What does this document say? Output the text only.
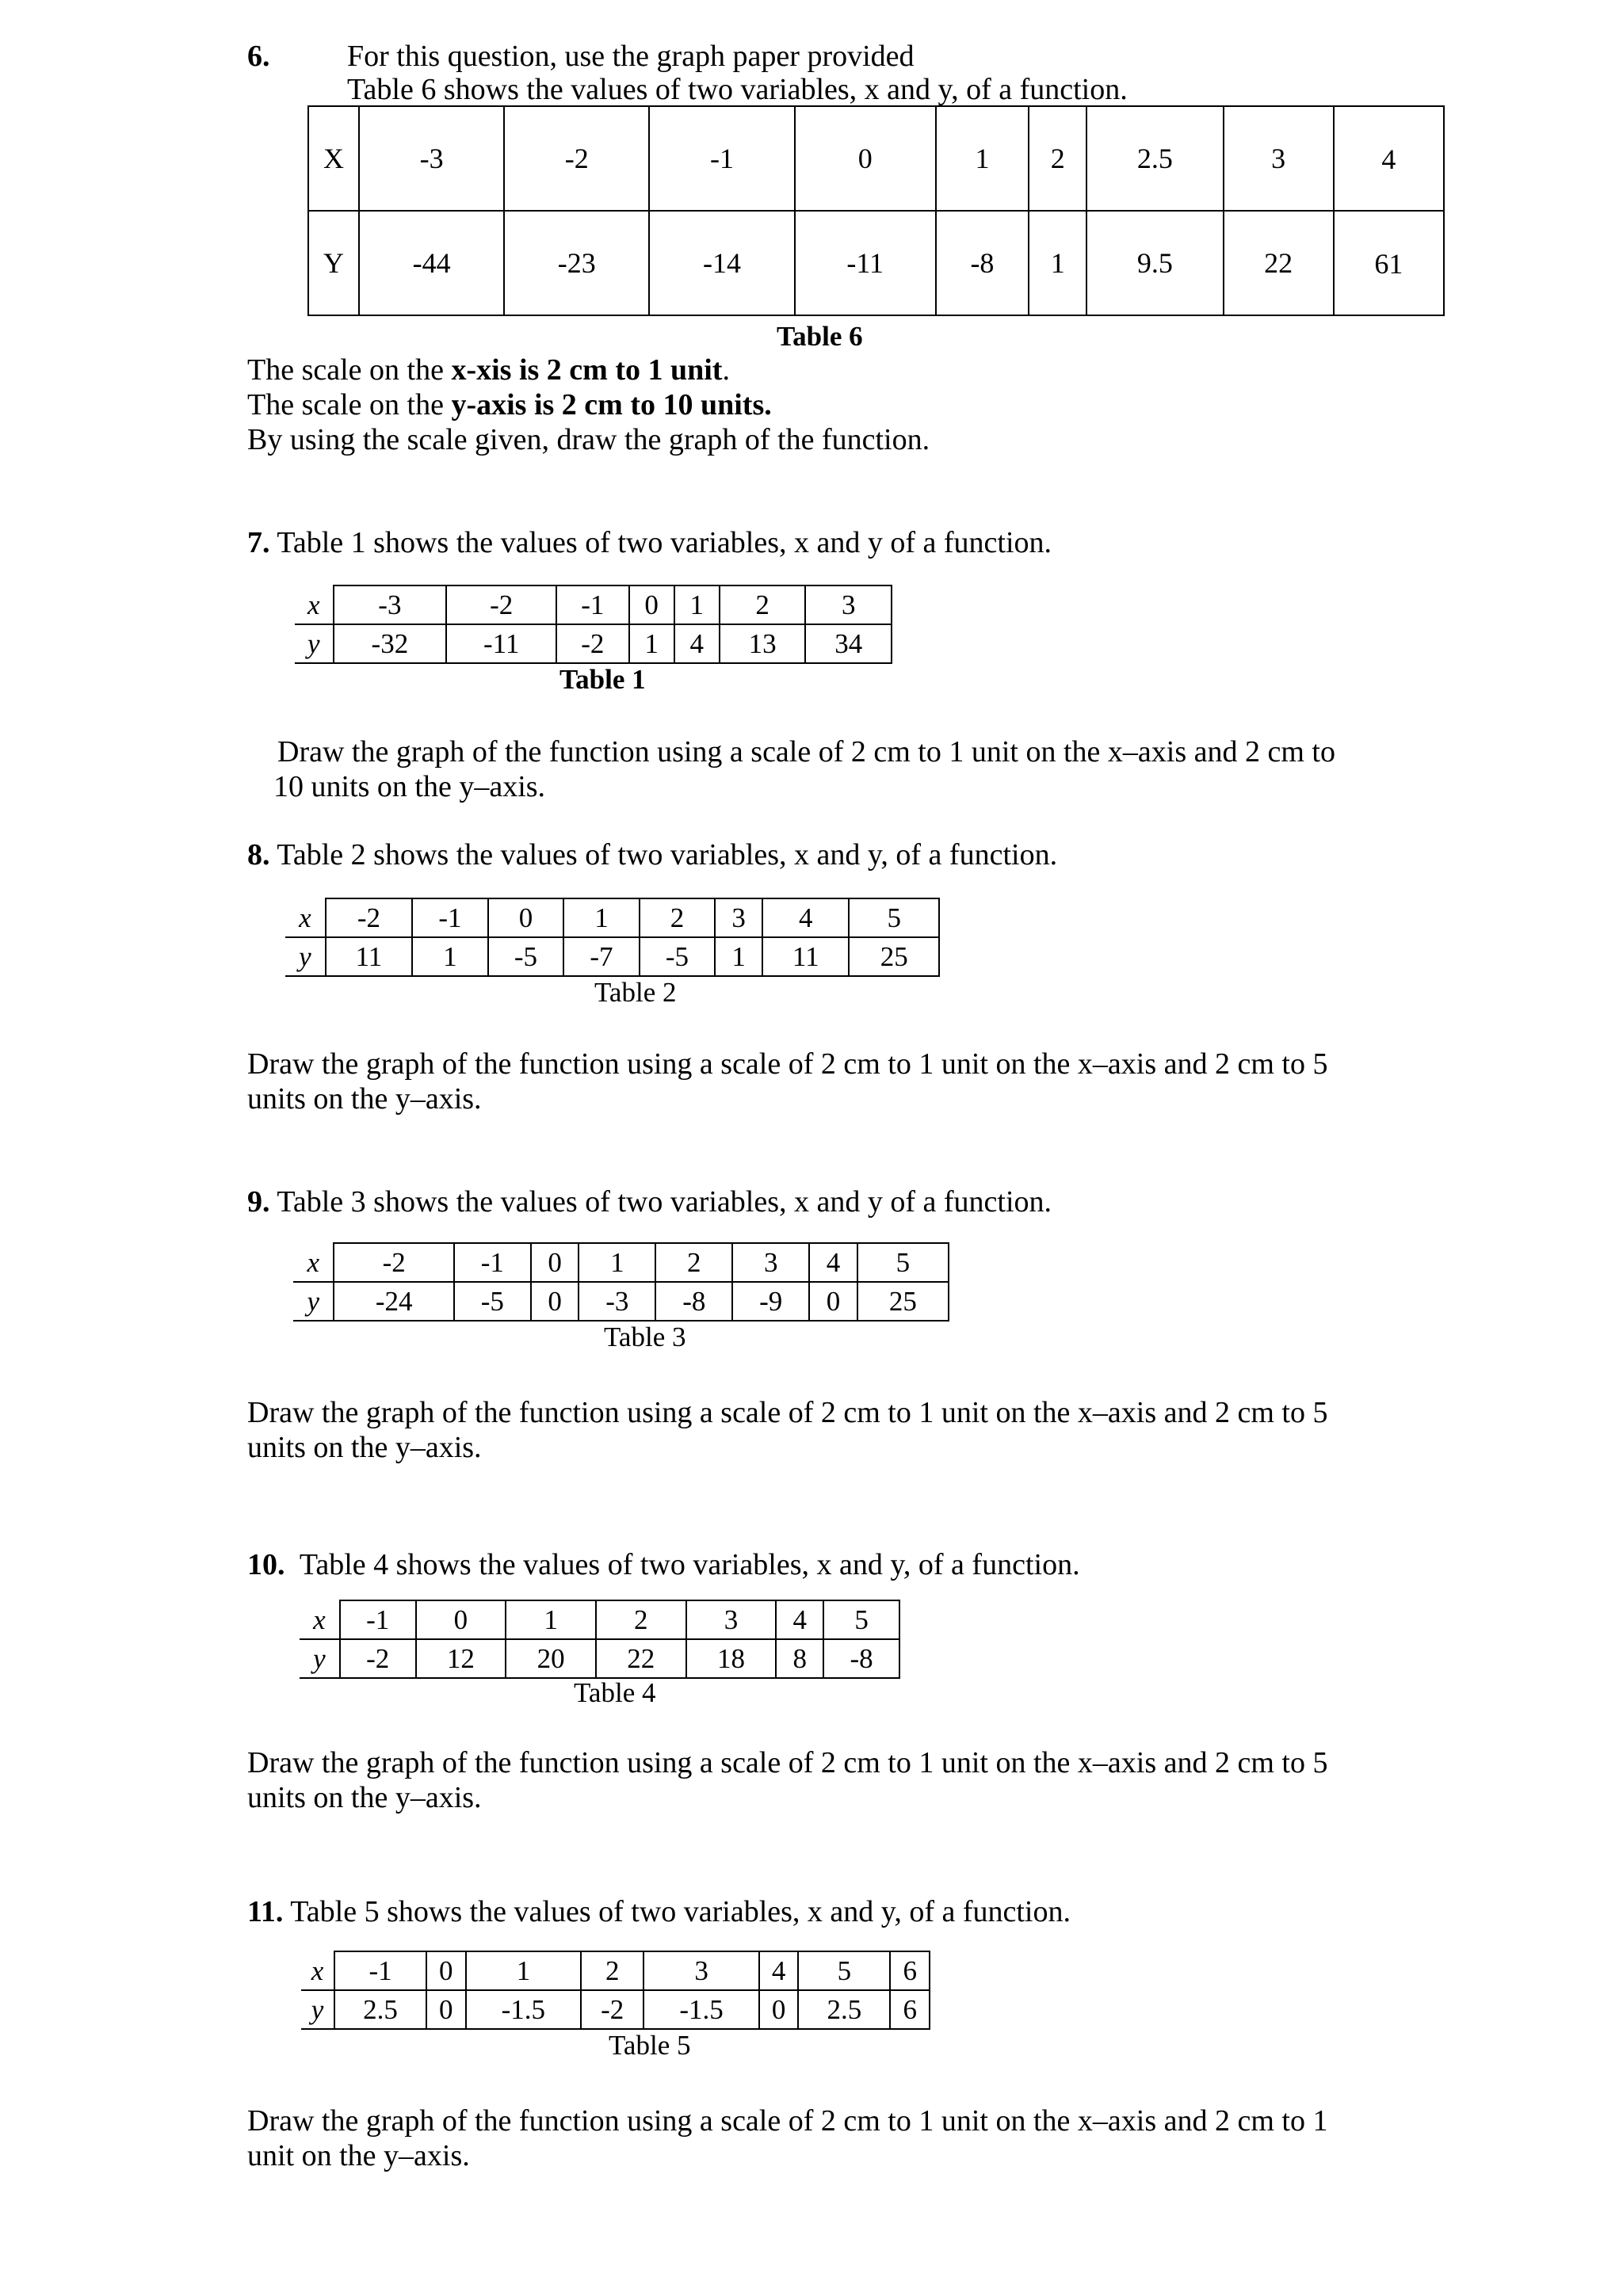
6.	For this question, use the graph paper provided
Table 6 shows the values of two variables, x and y, of a function.
X	-3	-2	-1	0	1	2	2.5	3	4
Y	-44	-23	-14	-11	-8	1	9.5	22	61
Table 6
The scale on the x-xis is 2 cm to 1 unit.
The scale on the y-axis is 2 cm to 10 units.
By using the scale given, draw the graph of the function.
7. Table 1 shows the values of two variables, x and y of a function.
x	-3	-2	-1	0	1	2	3
y	-32	-11	-2	1	4	13	34
Table 1
Draw the graph of the function using a scale of 2 cm to 1 unit on the x–axis and 2 cm to
10 units on the y–axis.
8. Table 2 shows the values of two variables, x and y, of a function.
x	-2	-1	0	1	2	3	4	5
y	11	1	-5	-7	-5	1	11	25
Table 2
Draw the graph of the function using a scale of 2 cm to 1 unit on the x–axis and 2 cm to 5
units on the y–axis.
9. Table 3 shows the values of two variables, x and y of a function.
x	-2	-1	0	1	2	3	4	5
y	-24	-5	0	-3	-8	-9	0	25
Table 3
Draw the graph of the function using a scale of 2 cm to 1 unit on the x–axis and 2 cm to 5
units on the y–axis.
10. Table 4 shows the values of two variables, x and y, of a function.
x	-1	0	1	2	3	4	5
y	-2	12	20	22	18	8	-8
Table 4
Draw the graph of the function using a scale of 2 cm to 1 unit on the x–axis and 2 cm to 5
units on the y–axis.
11. Table 5 shows the values of two variables, x and y, of a function.
x	-1	0	1	2	3	4	5	6
y	2.5	0	-1.5	-2	-1.5	0	2.5	6
Table 5
Draw the graph of the function using a scale of 2 cm to 1 unit on the x–axis and 2 cm to 1
unit on the y–axis.
